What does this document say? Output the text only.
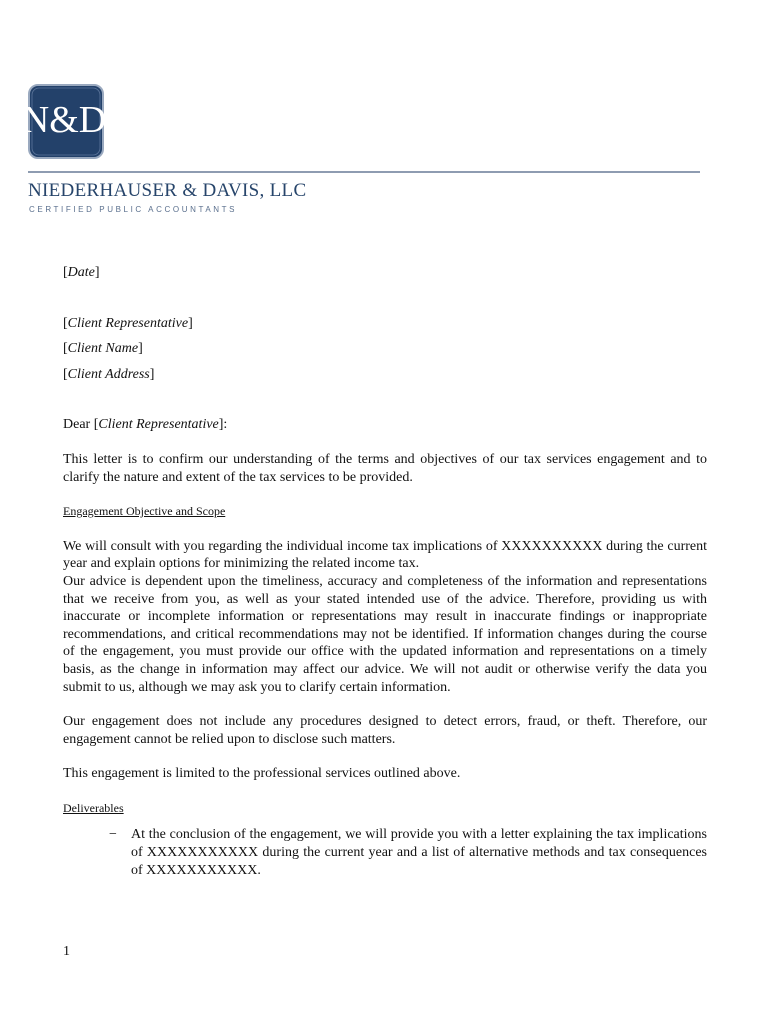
N&D
NIEDERHAUSER & DAVIS, LLC
CERTIFIED PUBLIC ACCOUNTANTS

[Date]

[Client Representative]

[Client Name]

[Client Address]

Dear [Client Representative]:

This letter is to confirm our understanding of the terms and objectives of our tax services engagement and to clarify the nature and extent of the tax services to be provided.

Engagement Objective and Scope

We will consult with you regarding the individual income tax implications of XXXXXXXXXX during the current year and explain options for minimizing the related income tax.

Our advice is dependent upon the timeliness, accuracy and completeness of the information and representations that we receive from you, as well as your stated intended use of the advice. Therefore, providing us with inaccurate or incomplete information or representations may result in inaccurate findings or inappropriate recommendations, and critical recommendations may not be identified. If information changes during the course of the engagement, you must provide our office with the updated information and representations on a timely basis, as the change in information may affect our advice. We will not audit or otherwise verify the data you submit to us, although we may ask you to clarify certain information.

Our engagement does not include any procedures designed to detect errors, fraud, or theft. Therefore, our engagement cannot be relied upon to disclose such matters.

This engagement is limited to the professional services outlined above.

Deliverables

− At the conclusion of the engagement, we will provide you with a letter explaining the tax implications of XXXXXXXXXXX during the current year and a list of alternative methods and tax consequences of XXXXXXXXXXX.
1
